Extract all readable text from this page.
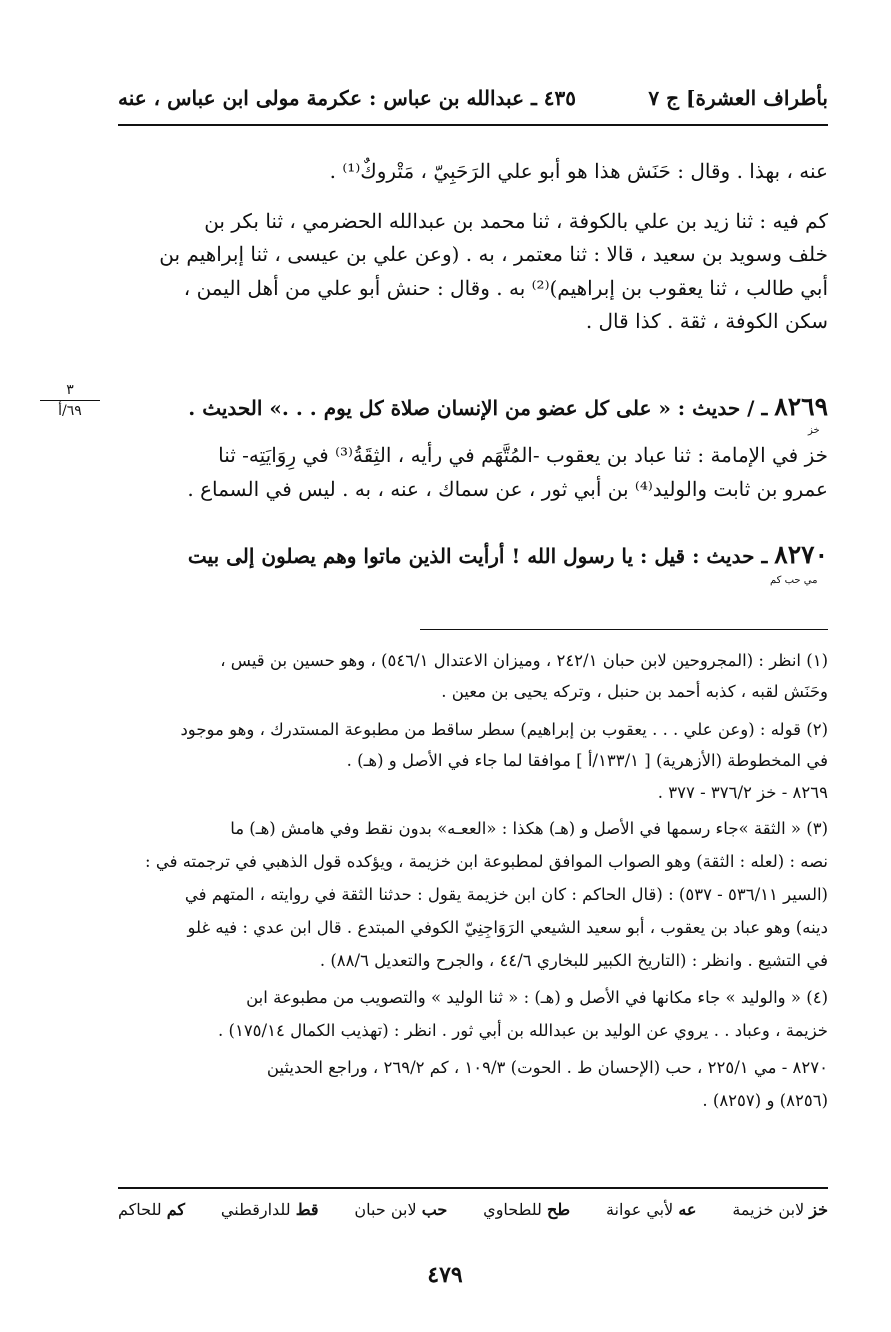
بأطراف العشرة] ج ٧
٤٣٥ ـ عبدالله بن عباس : عكرمة مولى ابن عباس ، عنه
عنه ، بهذا . وقال : حَنَش هذا هو أبو علي الرَحَبِيّ ، مَتْروكٌ⁽¹⁾ .
كم فيه : ثنا زيد بن علي بالكوفة ، ثنا محمد بن عبدالله الحضرمي ، ثنا بكر بن
خلف وسويد بن سعيد ، قالا : ثنا معتمر ، به . (وعن علي بن عيسى ، ثنا إبراهيم بن
أبي طالب ، ثنا يعقوب بن إبراهيم)⁽²⁾ به . وقال : حنش أبو علي من أهل اليمن ،
سكن الكوفة ، ثقة . كذا قال .
٨٢٦٩ ـ / حديث : « على كل عضو من الإنسان صلاة كل يوم . . .» الحديث .
خز
٣
٦٩/أ
خز في الإمامة : ثنا عباد بن يعقوب -المُتَّهَم في رأيه ، الثِقَةُ⁽³⁾ في رِوَايَتِه- ثنا
عمرو بن ثابت والوليد⁽⁴⁾ بن أبي ثور ، عن سماك ، عنه ، به . ليس في السماع .
٨٢٧٠ ـ حديث : قيل : يا رسول الله ! أرأيت الذين ماتوا وهم يصلون إلى بيت
مي حب كم
(١) انظر : (المجروحين لابن حبان ٢٤٢/١ ، وميزان الاعتدال ٥٤٦/١) ، وهو حسين بن قيس ،
وحَنَش لقبه ، كذبه أحمد بن حنبل ، وتركه يحيى بن معين .
(٢) قوله : (وعن علي . . . يعقوب بن إبراهيم) سطر ساقط من مطبوعة المستدرك ، وهو موجود
في المخطوطة (الأزهرية) [ ١٣٣/١/أ ] موافقا لما جاء في الأصل و (هـ) .
٨٢٦٩ - خز ٣٧٦/٢ - ٣٧٧ .
(٣) « الثقة »جاء رسمها في الأصل و (هـ) هكذا : «الععـه» بدون نقط وفي هامش (هـ) ما
نصه : (لعله : الثقة) وهو الصواب الموافق لمطبوعة ابن خزيمة ، ويؤكده قول الذهبي في ترجمته في :
(السير ٥٣٦/١١ - ٥٣٧) : (قال الحاكم : كان ابن خزيمة يقول : حدثنا الثقة في روايته ، المتهم في
دينه) وهو عباد بن يعقوب ، أبو سعيد الشيعي الرَوَاجِنِيّ الكوفي المبتدع . قال ابن عدي : فيه غلو
في التشيع . وانظر : (التاريخ الكبير للبخاري ٤٤/٦ ، والجرح والتعديل ٨٨/٦) .
(٤) « والوليد » جاء مكانها في الأصل و (هـ) : « ثنا الوليد » والتصويب من مطبوعة ابن
خزيمة ، وعباد . . يروي عن الوليد بن عبدالله بن أبي ثور . انظر : (تهذيب الكمال ١٧٥/١٤) .
٨٢٧٠ - مي ٢٢٥/١ ، حب (الإحسان ط . الحوت) ١٠٩/٣ ، كم ٢٦٩/٢ ، وراجع الحديثين
(٨٢٥٦) و (٨٢٥٧) .
خز لابن خزيمة
عه لأبي عوانة
طح للطحاوي
حب لابن حبان
قط للدارقطني
كم للحاكم
٤٧٩
